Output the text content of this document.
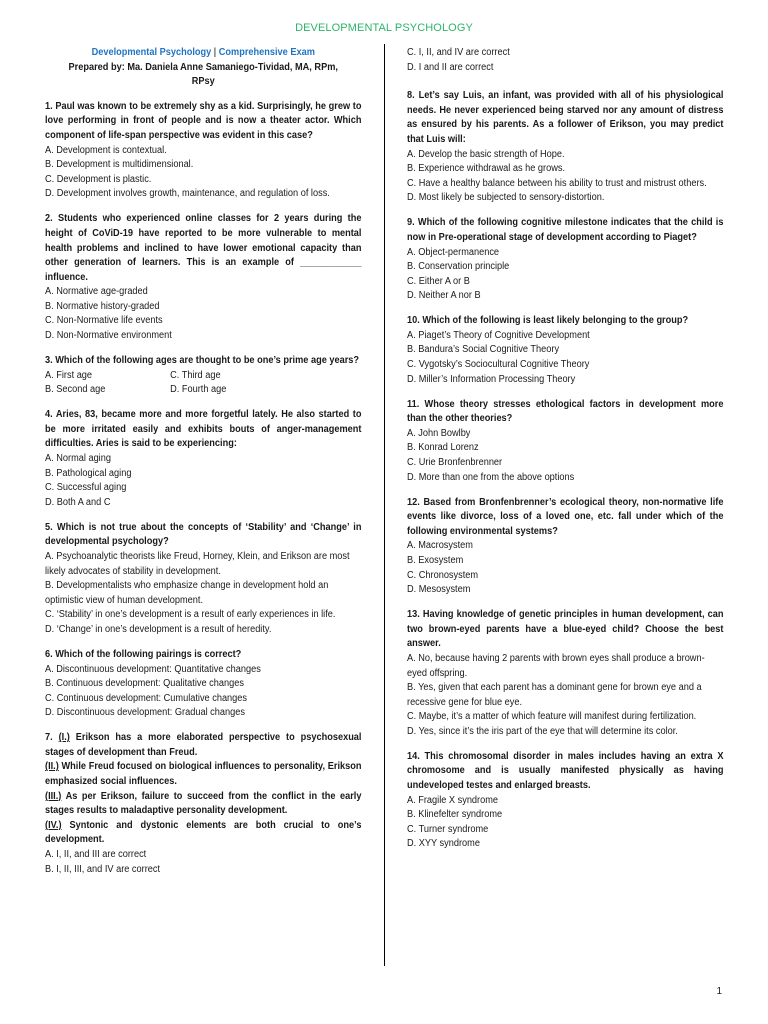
DEVELOPMENTAL PSYCHOLOGY
Developmental Psychology | Comprehensive Exam
Prepared by: Ma. Daniela Anne Samaniego-Tividad, MA, RPm,
RPsy
1. Paul was known to be extremely shy as a kid. Surprisingly, he grew to love performing in front of people and is now a theater actor. Which component of life-span perspective was evident in this case?
A. Development is contextual.
B. Development is multidimensional.
C. Development is plastic.
D. Development involves growth, maintenance, and regulation of loss.
2. Students who experienced online classes for 2 years during the height of CoViD-19 have reported to be more vulnerable to mental health problems and inclined to have lower emotional capacity than other generation of learners. This is an example of ____________ influence.
A. Normative age-graded
B. Normative history-graded
C. Non-Normative life events
D. Non-Normative environment
3. Which of the following ages are thought to be one’s prime age years?
A. First age	C. Third age
B. Second age	D. Fourth age
4. Aries, 83, became more and more forgetful lately. He also started to be more irritated easily and exhibits bouts of anger-management difficulties. Aries is said to be experiencing:
A. Normal aging
B. Pathological aging
C. Successful aging
D. Both A and C
5. Which is not true about the concepts of ‘Stability’ and ‘Change’ in developmental psychology?
A. Psychoanalytic theorists like Freud, Horney, Klein, and Erikson are most likely advocates of stability in development.
B. Developmentalists who emphasize change in development hold an optimistic view of human development.
C. ‘Stability’ in one’s development is a result of early experiences in life.
D. ‘Change’ in one’s development is a result of heredity.
6. Which of the following pairings is correct?
A. Discontinuous development: Quantitative changes
B. Continuous development: Qualitative changes
C. Continuous development: Cumulative changes
D. Discontinuous development: Gradual changes
7. (I.) Erikson has a more elaborated perspective to psychosexual stages of development than Freud.
(II.) While Freud focused on biological influences to personality, Erikson emphasized social influences.
(III.) As per Erikson, failure to succeed from the conflict in the early stages results to maladaptive personality development.
(IV.) Syntonic and dystonic elements are both crucial to one’s development.
A. I, II, and III are correct
B. I, II, III, and IV are correct
C. I, II, and IV are correct
D. I and II are correct
8. Let’s say Luis, an infant, was provided with all of his physiological needs. He never experienced being starved nor any amount of distress as ensured by his parents. As a follower of Erikson, you may predict that Luis will:
A. Develop the basic strength of Hope.
B. Experience withdrawal as he grows.
C. Have a healthy balance between his ability to trust and mistrust others.
D. Most likely be subjected to sensory-distortion.
9. Which of the following cognitive milestone indicates that the child is now in Pre-operational stage of development according to Piaget?
A. Object-permanence
B. Conservation principle
C. Either A or B
D. Neither A nor B
10. Which of the following is least likely belonging to the group?
A. Piaget’s Theory of Cognitive Development
B. Bandura’s Social Cognitive Theory
C. Vygotsky’s Sociocultural Cognitive Theory
D. Miller’s Information Processing Theory
11. Whose theory stresses ethological factors in development more than the other theories?
A. John Bowlby
B. Konrad Lorenz
C. Urie Bronfenbrenner
D. More than one from the above options
12. Based from Bronfenbrenner’s ecological theory, non-normative life events like divorce, loss of a loved one, etc. fall under which of the following environmental systems?
A. Macrosystem
B. Exosystem
C. Chronosystem
D. Mesosystem
13. Having knowledge of genetic principles in human development, can two brown-eyed parents have a blue-eyed child? Choose the best answer.
A. No, because having 2 parents with brown eyes shall produce a brown-eyed offspring.
B. Yes, given that each parent has a dominant gene for brown eye and a recessive gene for blue eye.
C. Maybe, it’s a matter of which feature will manifest during fertilization.
D. Yes, since it’s the iris part of the eye that will determine its color.
14. This chromosomal disorder in males includes having an extra X chromosome and is usually manifested physically as having undeveloped testes and enlarged breasts.
A. Fragile X syndrome
B. Klinefelter syndrome
C. Turner syndrome
D. XYY syndrome
1
